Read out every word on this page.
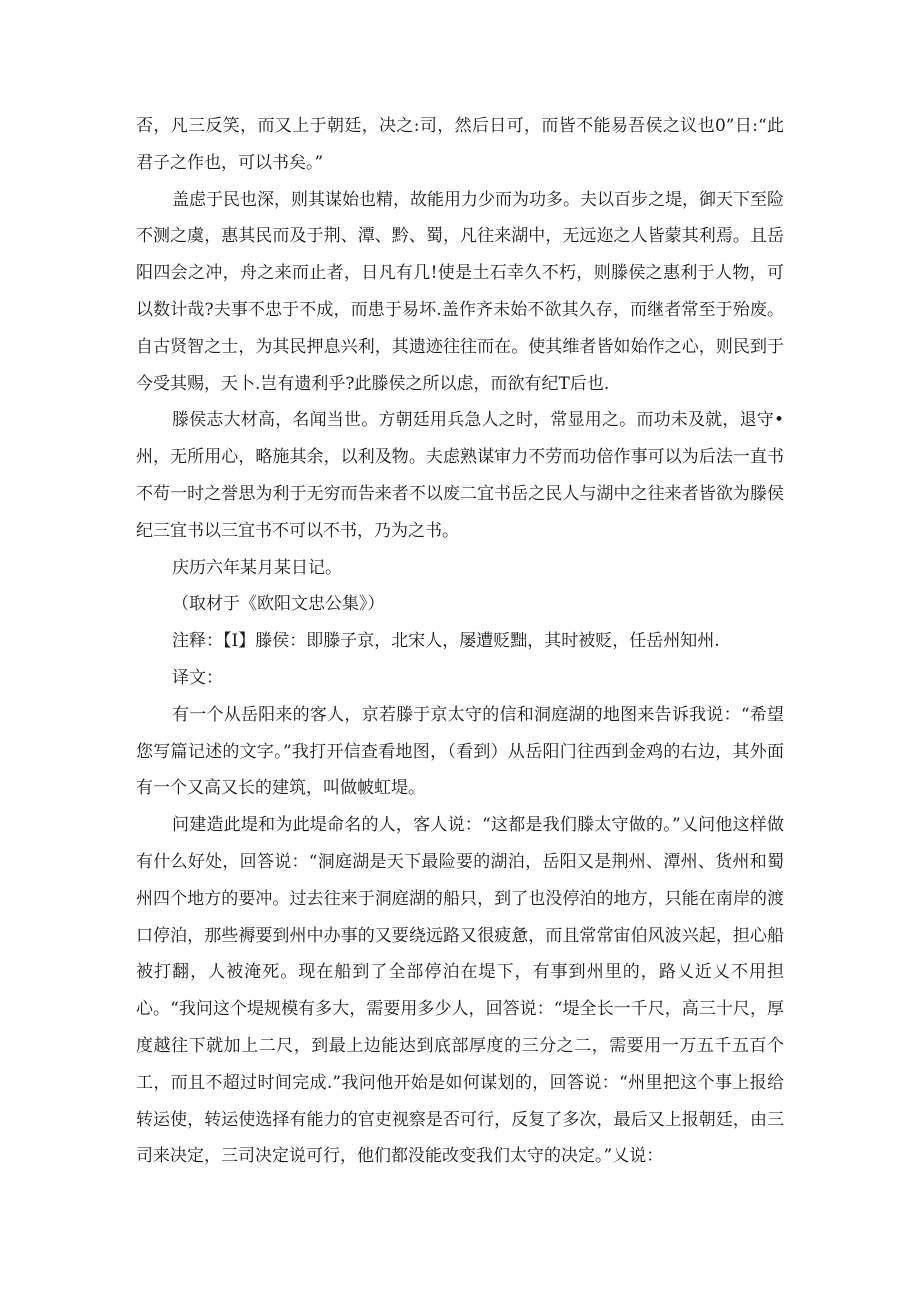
否，凡三反笑，而又上于朝廷，决之:司，然后日可，而皆不能易吾侯之议也0”日:“此君子之作也，可以书矣。”

盖虑于民也深，则其谋始也精，故能用力少而为功多。夫以百步之堤，御天下至险不测之虞，惠其民而及于荆、潭、黔、蜀，凡往来湖中，无远迩之人皆蒙其利焉。且岳阳四会之冲，舟之来而止者，日凡有几!使是土石幸久不朽，则滕侯之惠利于人物，可以数计哉?夫事不忠于不成，而患于易坏.盖作齐未始不欲其久存，而继者常至于殆废。自古贤智之士，为其民押息兴利，其遗迹往往而在。使其维者皆如始作之心，则民到于今受其赐，天卜.岂有遗利乎?此滕侯之所以虑，而欲有纪T后也.

滕侯志大材高，名闻当世。方朝廷用兵急人之时，常显用之。而功未及就，退守•州，无所用心，略施其余，以利及物。夫虑熟谋审力不劳而功倍作事可以为后法一直书不苟一时之誉思为利于无穷而告来者不以废二宜书岳之民人与湖中之往来者皆欲为滕侯纪三宜书以三宜书不可以不书，乃为之书。

庆历六年某月某日记。

（取材于《欧阳文忠公集》）

注释：【I】滕侯：即滕子京，北宋人，屡遭贬黜，其时被贬，任岳州知州.

译文：

有一个从岳阳来的客人，京若滕于京太守的信和洞庭湖的地图来告诉我说：“希望您写篇记述的文字。”我打开信查看地图，（看到）从岳阳门往西到金鸡的右边，其外面有一个又高又长的建筑，叫做帔虹堤。

问建造此堤和为此堤命名的人，客人说：“这都是我们滕太守做的。”乂问他这样做有什么好处，回答说：“洞庭湖是天下最险要的湖泊，岳阳又是荆州、潭州、货州和蜀州四个地方的要冲。过去往来于洞庭湖的船只，到了也没停泊的地方，只能在南岸的渡口停泊，那些褥要到州中办事的又要绕远路又很疲惫，而且常常宙伯风波兴起，担心船被打翻，人被淹死。现在船到了全部停泊在堤下，有事到州里的，路乂近乂不用担心。“我问这个堤规模有多大，需要用多少人，回答说：“堤全长一千尺，高三十尺，厚度越往下就加上二尺，到最上边能达到底部厚度的三分之二，需要用一万五千五百个工，而且不超过时间完成.”我问他开始是如何谋划的，回答说：“州里把这个事上报给转运使，转运使选择有能力的官吏视察是否可行，反复了多次，最后又上报朝廷，由三司来决定，三司决定说可行，他们都没能改变我们太守的决定。”乂说：
